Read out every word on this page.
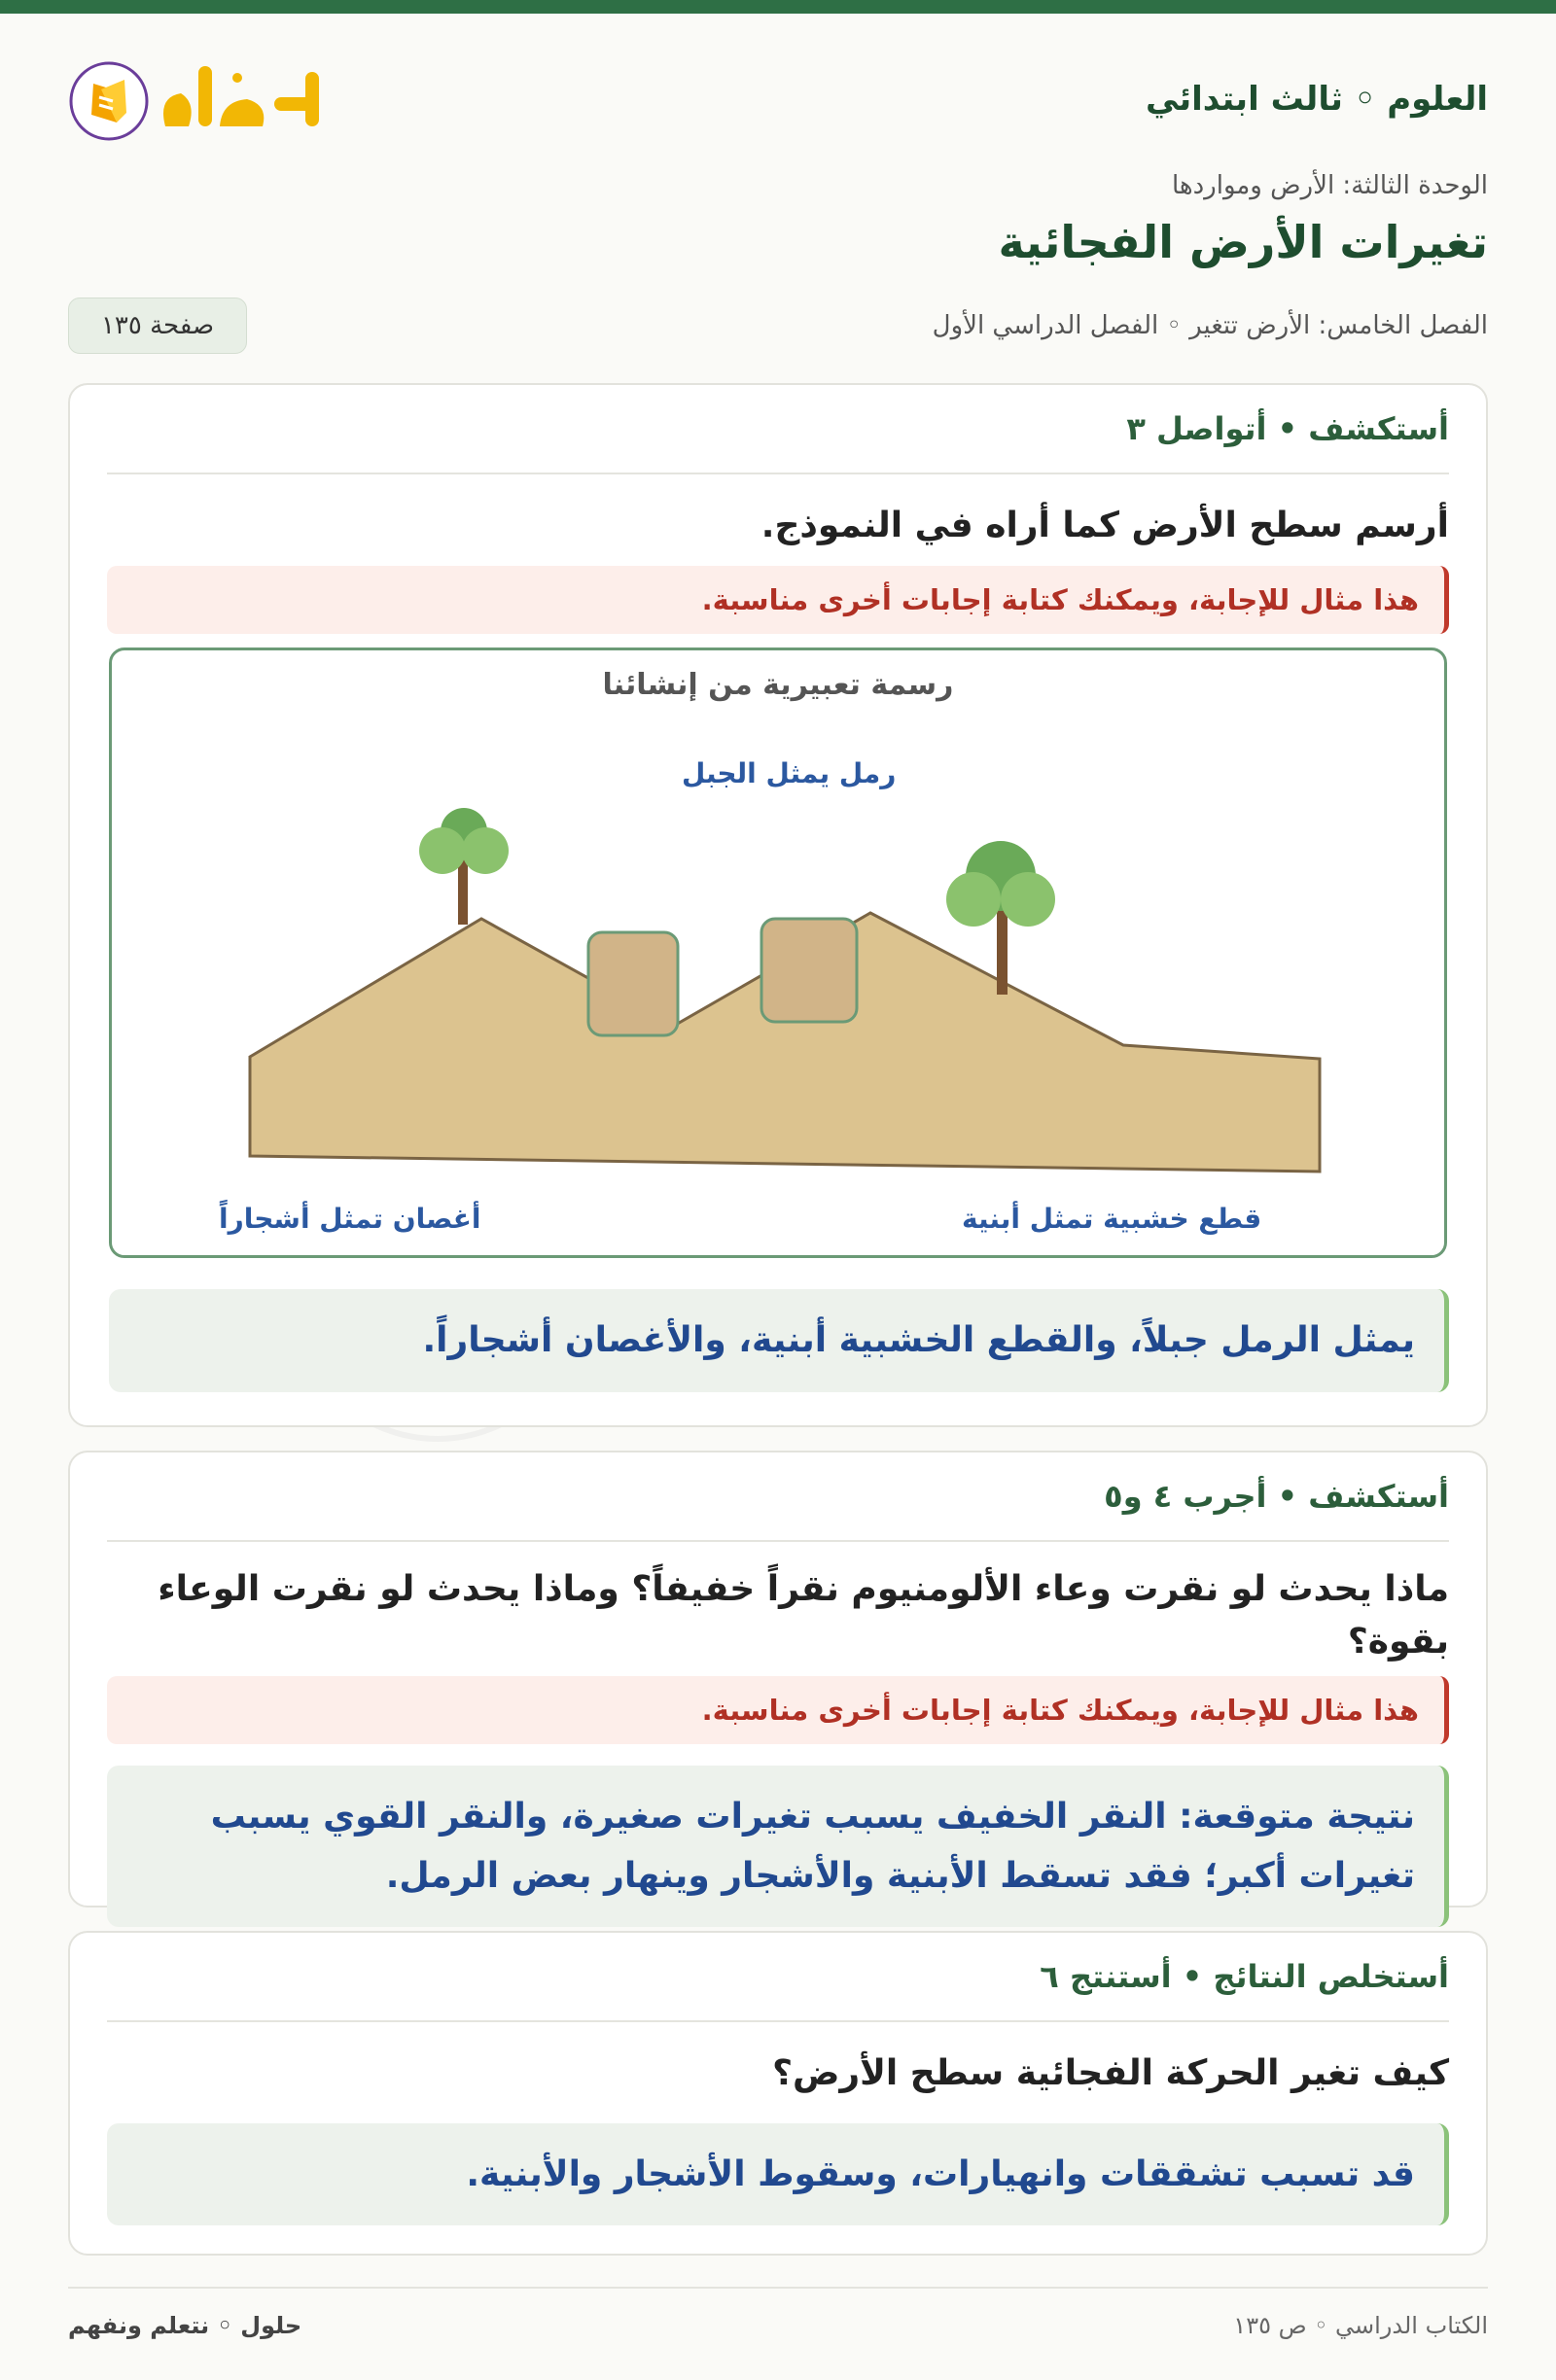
العلوم ◦ ثالث ابتدائي
الوحدة الثالثة: الأرض ومواردها
تغيرات الأرض الفجائية
الفصل الخامس: الأرض تتغير ◦ الفصل الدراسي الأول
صفحة ١٣٥
أستكشف • أتواصل ٣
أرسم سطح الأرض كما أراه في النموذج.
هذا مثال للإجابة، ويمكنك كتابة إجابات أخرى مناسبة.
رسمة تعبيرية من إنشائنا
رمل يمثل الجبل
قطع خشبية تمثل أبنية
أغصان تمثل أشجاراً
يمثل الرمل جبلاً، والقطع الخشبية أبنية، والأغصان أشجاراً.
أستكشف • أجرب ٤ و٥
ماذا يحدث لو نقرت وعاء الألومنيوم نقراً خفيفاً؟ وماذا يحدث لو نقرت الوعاء بقوة؟
هذا مثال للإجابة، ويمكنك كتابة إجابات أخرى مناسبة.
نتيجة متوقعة: النقر الخفيف يسبب تغيرات صغيرة، والنقر القوي يسبب تغيرات أكبر؛ فقد تسقط الأبنية والأشجار وينهار بعض الرمل.
أستخلص النتائج • أستنتج ٦
كيف تغير الحركة الفجائية سطح الأرض؟
قد تسبب تشققات وانهيارات، وسقوط الأشجار والأبنية.
حلول ◦ نتعلم ونفهم	الكتاب الدراسي ◦ ص ١٣٥
